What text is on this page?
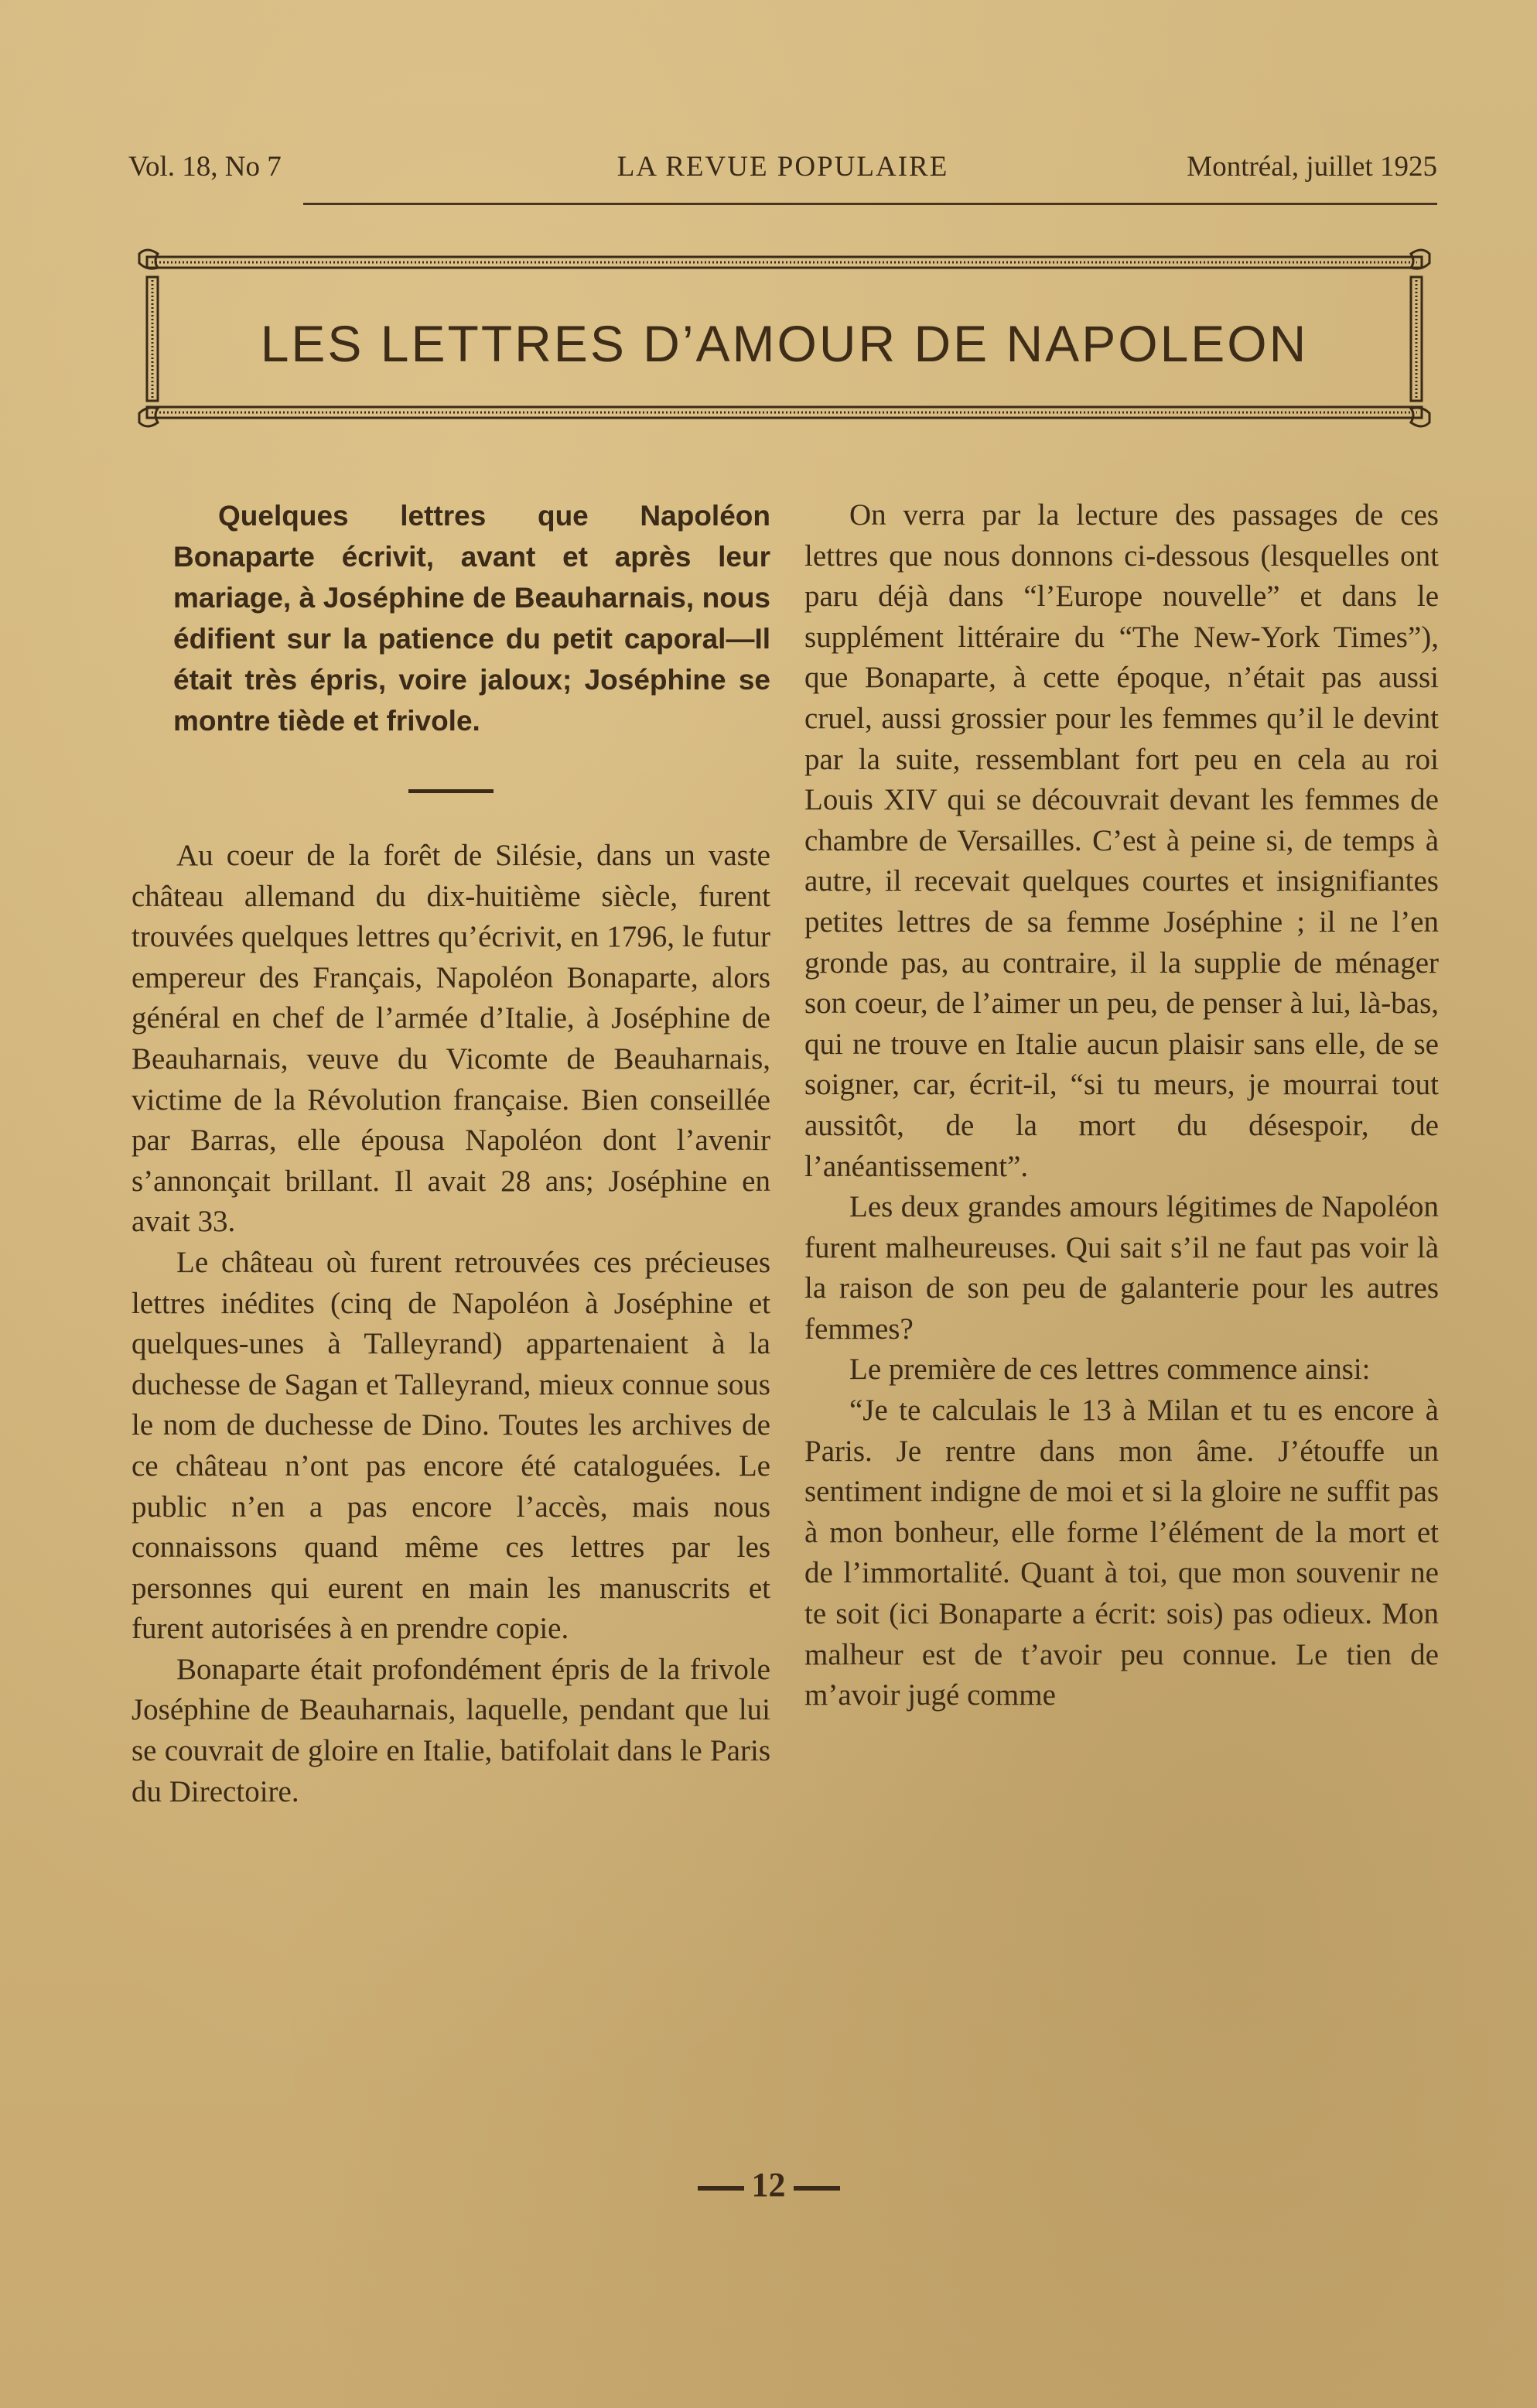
Vol. 18, No 7	LA REVUE POPULAIRE	Montréal, juillet 1925
LES LETTRES D’AMOUR DE NAPOLEON

Quelques lettres que Napoléon Bonaparte écrivit, avant et après leur mariage, à Joséphine de Beauharnais, nous édifient sur la patience du petit caporal—Il était très épris, voire jaloux; Joséphine se montre tiède et frivole.

Au coeur de la forêt de Silésie, dans un vaste château allemand du dix-huitième siècle, furent trouvées quelques lettres qu’écrivit, en 1796, le futur empereur des Français, Napoléon Bonaparte, alors général en chef de l’armée d’Italie, à Joséphine de Beauharnais, veuve du Vicomte de Beauharnais, victime de la Révolution française. Bien conseillée par Barras, elle épousa Napoléon dont l’avenir s’annonçait brillant. Il avait 28 ans; Joséphine en avait 33.

Le château où furent retrouvées ces précieuses lettres inédites (cinq de Napoléon à Joséphine et quelques-unes à Talleyrand) appartenaient à la duchesse de Sagan et Talleyrand, mieux connue sous le nom de duchesse de Dino. Toutes les archives de ce château n’ont pas encore été cataloguées. Le public n’en a pas encore l’accès, mais nous connaissons quand même ces lettres par les personnes qui eurent en main les manuscrits et furent autorisées à en prendre copie.

Bonaparte était profondément épris de la frivole Joséphine de Beauharnais, laquelle, pendant que lui se couvrait de gloire en Italie, batifolait dans le Paris du Directoire.

On verra par la lecture des passages de ces lettres que nous donnons ci-dessous (lesquelles ont paru déjà dans “l’Europe nouvelle” et dans le supplément littéraire du “The New-York Times”), que Bonaparte, à cette époque, n’était pas aussi cruel, aussi grossier pour les femmes qu’il le devint par la suite, ressemblant fort peu en cela au roi Louis XIV qui se découvrait devant les femmes de chambre de Versailles. C’est à peine si, de temps à autre, il recevait quelques courtes et insignifiantes petites lettres de sa femme Joséphine ; il ne l’en gronde pas, au contraire, il la supplie de ménager son coeur, de l’aimer un peu, de penser à lui, là-bas, qui ne trouve en Italie aucun plaisir sans elle, de se soigner, car, écrit-il, “si tu meurs, je mourrai tout aussitôt, de la mort du désespoir, de l’anéantissement”.

Les deux grandes amours légitimes de Napoléon furent malheureuses. Qui sait s’il ne faut pas voir là la raison de son peu de galanterie pour les autres femmes?

Le première de ces lettres commence ainsi:

“Je te calculais le 13 à Milan et tu es encore à Paris. Je rentre dans mon âme. J’étouffe un sentiment indigne de moi et si la gloire ne suffit pas à mon bonheur, elle forme l’élément de la mort et de l’immortalité. Quant à toi, que mon souvenir ne te soit (ici Bonaparte a écrit: sois) pas odieux. Mon malheur est de t’avoir peu connue. Le tien de m’avoir jugé comme

12
